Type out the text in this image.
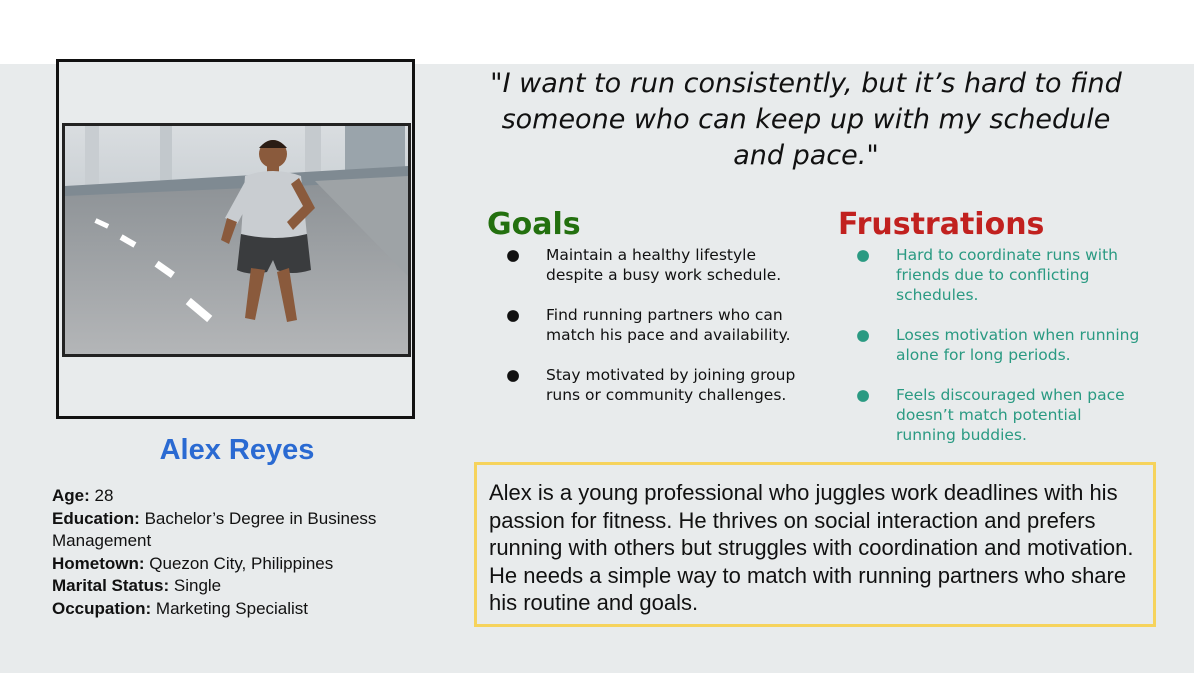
Alex Reyes

Age: 28

Education: Bachelor’s Degree in Business Management

Hometown: Quezon City, Philippines

Marital Status: Single

Occupation: Marketing Specialist

"I want to run consistently, but it’s hard to find someone who can keep up with my schedule and pace."
Goals
● Maintain a healthy lifestyle despite a busy work schedule.
● Find running partners who can match his pace and availability.
● Stay motivated by joining group runs or community challenges.
Frustrations
● Hard to coordinate runs with friends due to conflicting schedules.
● Loses motivation when running alone for long periods.
● Feels discouraged when pace doesn’t match potential running buddies.
Alex is a young professional who juggles work deadlines with his passion for fitness. He thrives on social interaction and prefers running with others but struggles with coordination and motivation. He needs a simple way to match with running partners who share his routine and goals.
